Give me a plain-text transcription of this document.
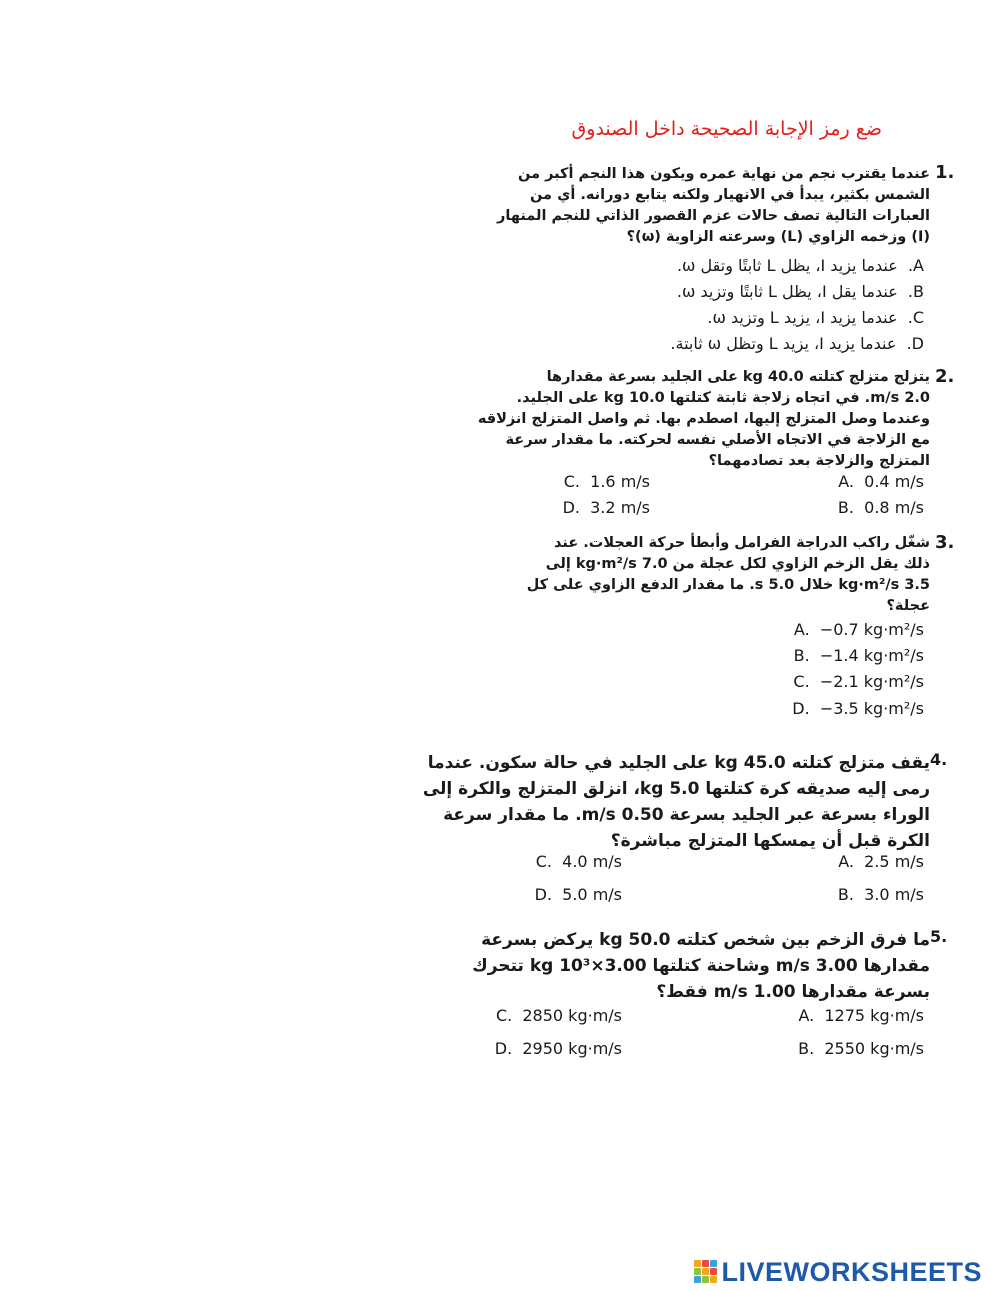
ضع رمز الإجابة الصحيحة داخل الصندوق
عندما يقترب نجم من نهاية عمره ويكون هذا النجم أكبر من
الشمس بكثير، يبدأ في الانهيار ولكنه يتابع دورانه. أي من
العبارات التالية تصف حالات عزم القصور الذاتي للنجم المنهار
(I) وزخمه الزاوي (L) وسرعته الزاوية (ω)؟
1.
A.  عندما يزيد I، يظل L ثابتًا وتقل ω.
B.  عندما يقل I، يظل L ثابتًا وتزيد ω.
C.  عندما يزيد I، يزيد L وتزيد ω.
D.  عندما يزيد I، يزيد L وتظل ω ثابتة.
يتزلج متزلج كتلته 40.0 kg على الجليد بسرعة مقدارها
2.0 m/s. في اتجاه زلاجة ثابتة كتلتها 10.0 kg على الجليد.
وعندما وصل المتزلج إليها، اصطدم بها. ثم واصل المتزلج انزلاقه
مع الزلاجة في الاتجاه الأصلي نفسه لحركته. ما مقدار سرعة
المتزلج والزلاجة بعد تصادمهما؟
2.
A. 0.4 m/s
B. 0.8 m/s
C. 1.6 m/s
D. 3.2 m/s
شغّل راكب الدراجة الفرامل وأبطأ حركة العجلات. عند
ذلك يقل الزخم الزاوي لكل عجلة من 7.0 kg·m²/s إلى
3.5 kg·m²/s خلال 5.0 s. ما مقدار الدفع الزاوي على كل
عجلة؟
3.
A. −0.7 kg·m²/s
B. −1.4 kg·m²/s
C. −2.1 kg·m²/s
D. −3.5 kg·m²/s
يقف متزلج كتلته 45.0 kg على الجليد في حالة سكون. عندما
رمى إليه صديقه كرة كتلتها 5.0 kg، انزلق المتزلج والكرة إلى
الوراء بسرعة عبر الجليد بسرعة 0.50 m/s. ما مقدار سرعة
الكرة قبل أن يمسكها المتزلج مباشرة؟
4.
A. 2.5 m/s
B. 3.0 m/s
C. 4.0 m/s
D. 5.0 m/s
ما فرق الزخم بين شخص كتلته 50.0 kg يركض بسرعة
مقدارها 3.00 m/s وشاحنة كتلتها 3.00×10³ kg تتحرك
بسرعة مقدارها 1.00 m/s فقط؟
5.
A. 1275 kg·m/s
B. 2550 kg·m/s
C. 2850 kg·m/s
D. 2950 kg·m/s
LIVEWORKSHEETS
